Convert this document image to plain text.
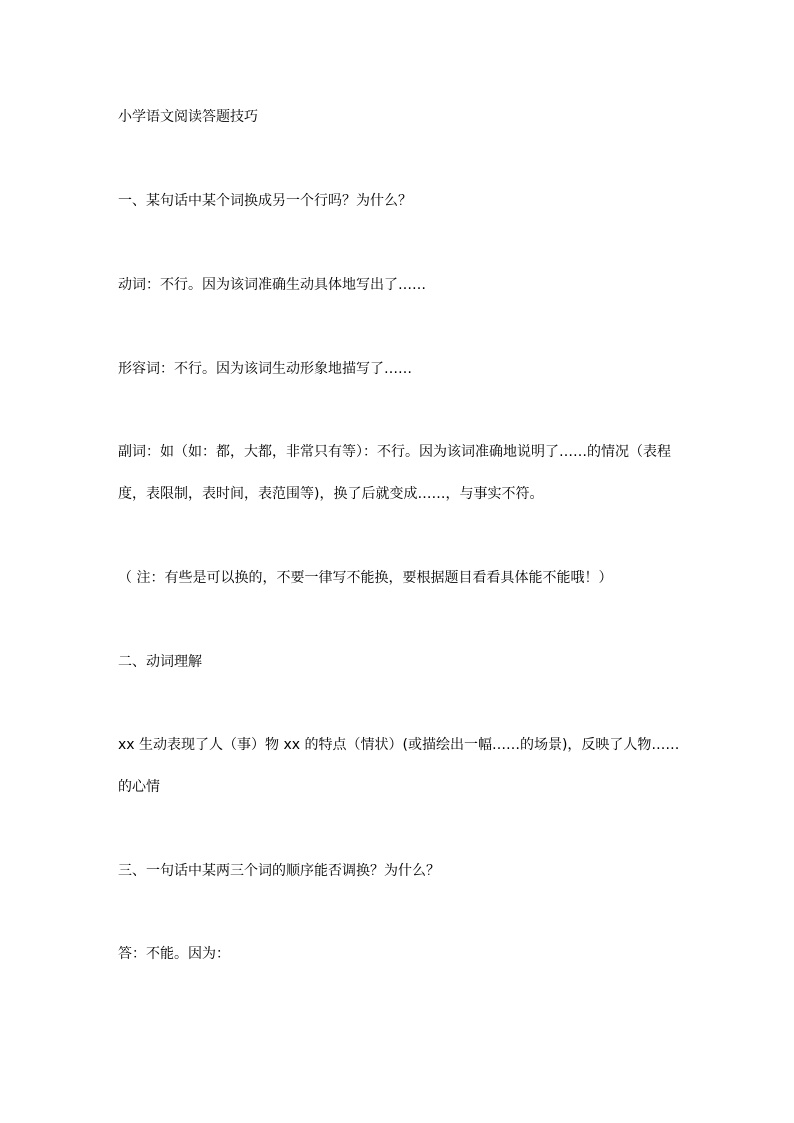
小学语文阅读答题技巧
一、某句话中某个词换成另一个行吗？为什么？
动词：不行。因为该词准确生动具体地写出了……
形容词：不行。因为该词生动形象地描写了……
副词：如（如：都，大都，非常只有等）：不行。因为该词准确地说明了……的情况（表程
度，表限制，表时间，表范围等)，换了后就变成……，与事实不符。
（ 注：有些是可以换的，不要一律写不能换，要根据题目看看具体能不能哦！）
二、动词理解
xx 生动表现了人（事）物 xx 的特点（情状）(或描绘出一幅……的场景)，反映了人物……
的心情
三、一句话中某两三个词的顺序能否调换？为什么？
答：不能。因为：
